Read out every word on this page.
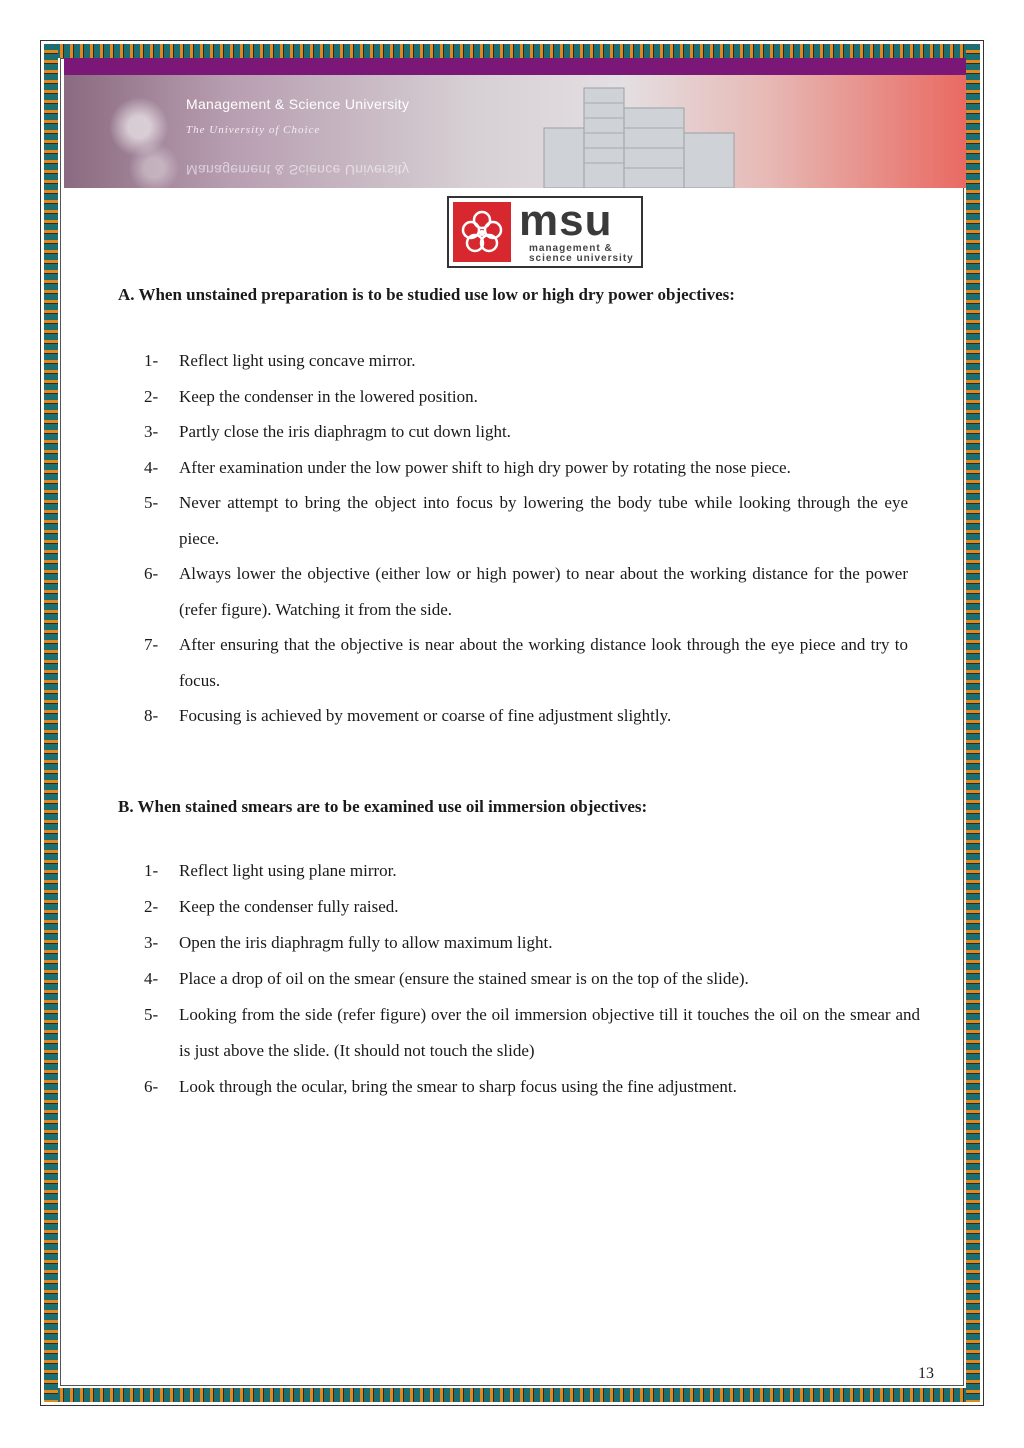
Management & Science University
The University of Choice
Management & Science University
msu
management &
science university
A. When unstained preparation is to be studied use low or high dry power objectives:
1- Reflect light using concave mirror.
2- Keep the condenser in the lowered position.
3- Partly close the iris diaphragm to cut down light.
4- After examination under the low power shift to high dry power by rotating the nose piece.
5- Never attempt to bring the object into focus by lowering the body tube while looking through the eye piece.
6- Always lower the objective (either low or high power) to near about the working distance for the power (refer figure). Watching it from the side.
7- After ensuring that the objective is near about the working distance look through the eye piece and try to focus.
8- Focusing is achieved by movement or coarse of fine adjustment slightly.
B. When stained smears are to be examined use oil immersion objectives:
1- Reflect light using plane mirror.
2- Keep the condenser fully raised.
3- Open the iris diaphragm fully to allow maximum light.
4- Place a drop of oil on the smear (ensure the stained smear is on the top of the slide).
5- Looking from the side (refer figure) over the oil immersion objective till it touches the oil on the smear and is just above the slide. (It should not touch the slide)
6- Look through the ocular, bring the smear to sharp focus using the fine adjustment.
13
